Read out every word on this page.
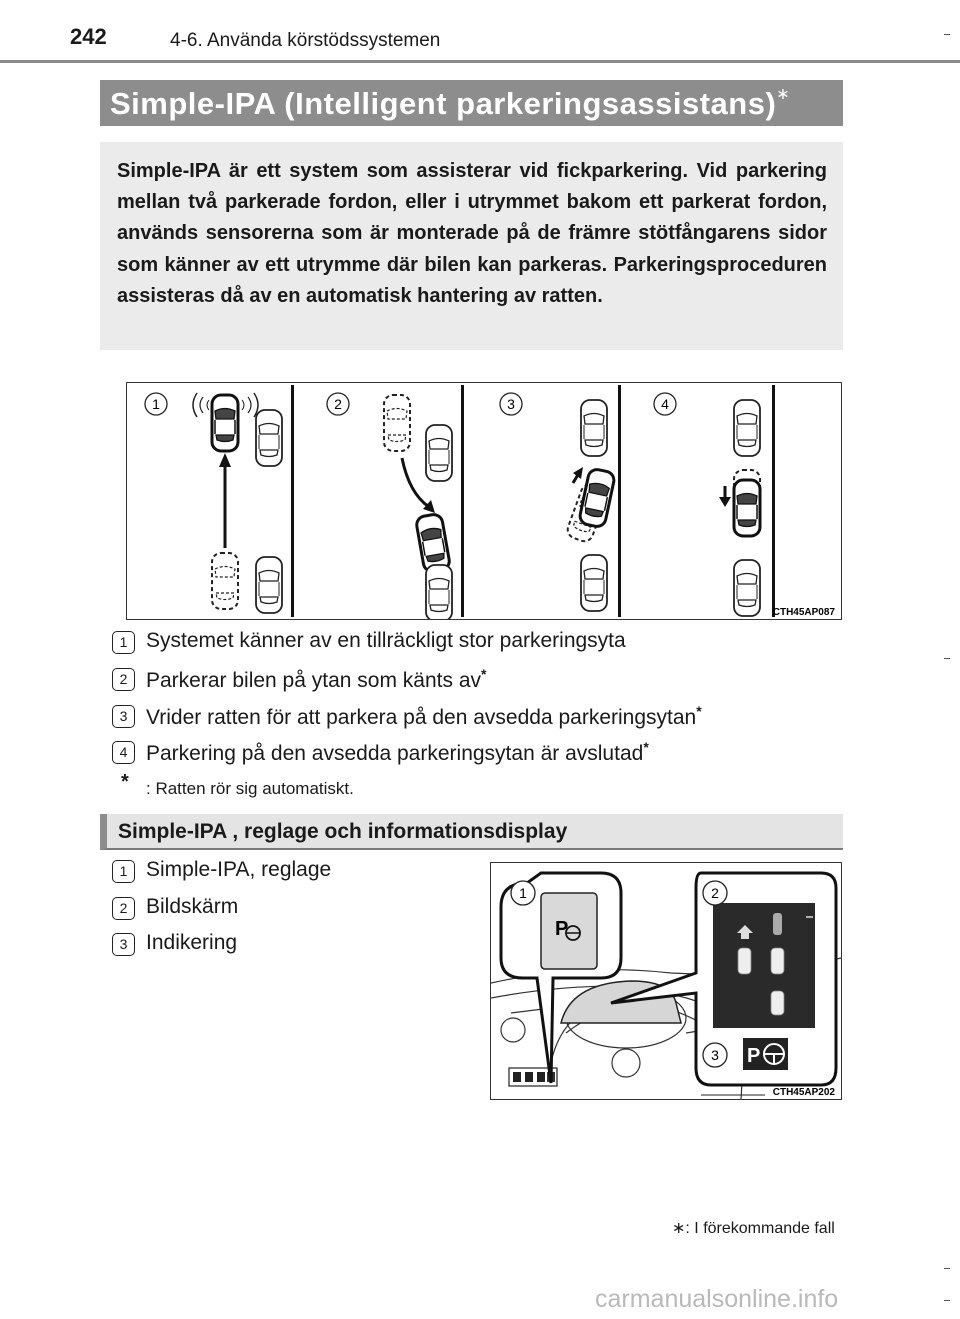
242	4-6. Använda körstödssystemen
Simple-IPA (Intelligent parkeringsassistans)∗
Simple-IPA är ett system som assisterar vid fickparkering. Vid parkering mellan två parkerade fordon, eller i utrymmet bakom ett parkerat fordon, används sensorerna som är monterade på de främre stötfångarens sidor som känner av ett utrymme där bilen kan parkeras. Parkeringsproceduren assisteras då av en automatisk hantering av ratten.
1	2	3	4
CTH45AP087
1 Systemet känner av en tillräckligt stor parkeringsyta
2 Parkerar bilen på ytan som känts av*
3 Vrider ratten för att parkera på den avsedda parkeringsytan*
4 Parkering på den avsedda parkeringsytan är avslutad*
* : Ratten rör sig automatiskt.
Simple-IPA , reglage och informationsdisplay
1 Simple-IPA, reglage
2 Bildskärm
3 Indikering
P
P
1	2
3
CTH45AP202
∗: I förekommande fall
carmanualsonline.info
